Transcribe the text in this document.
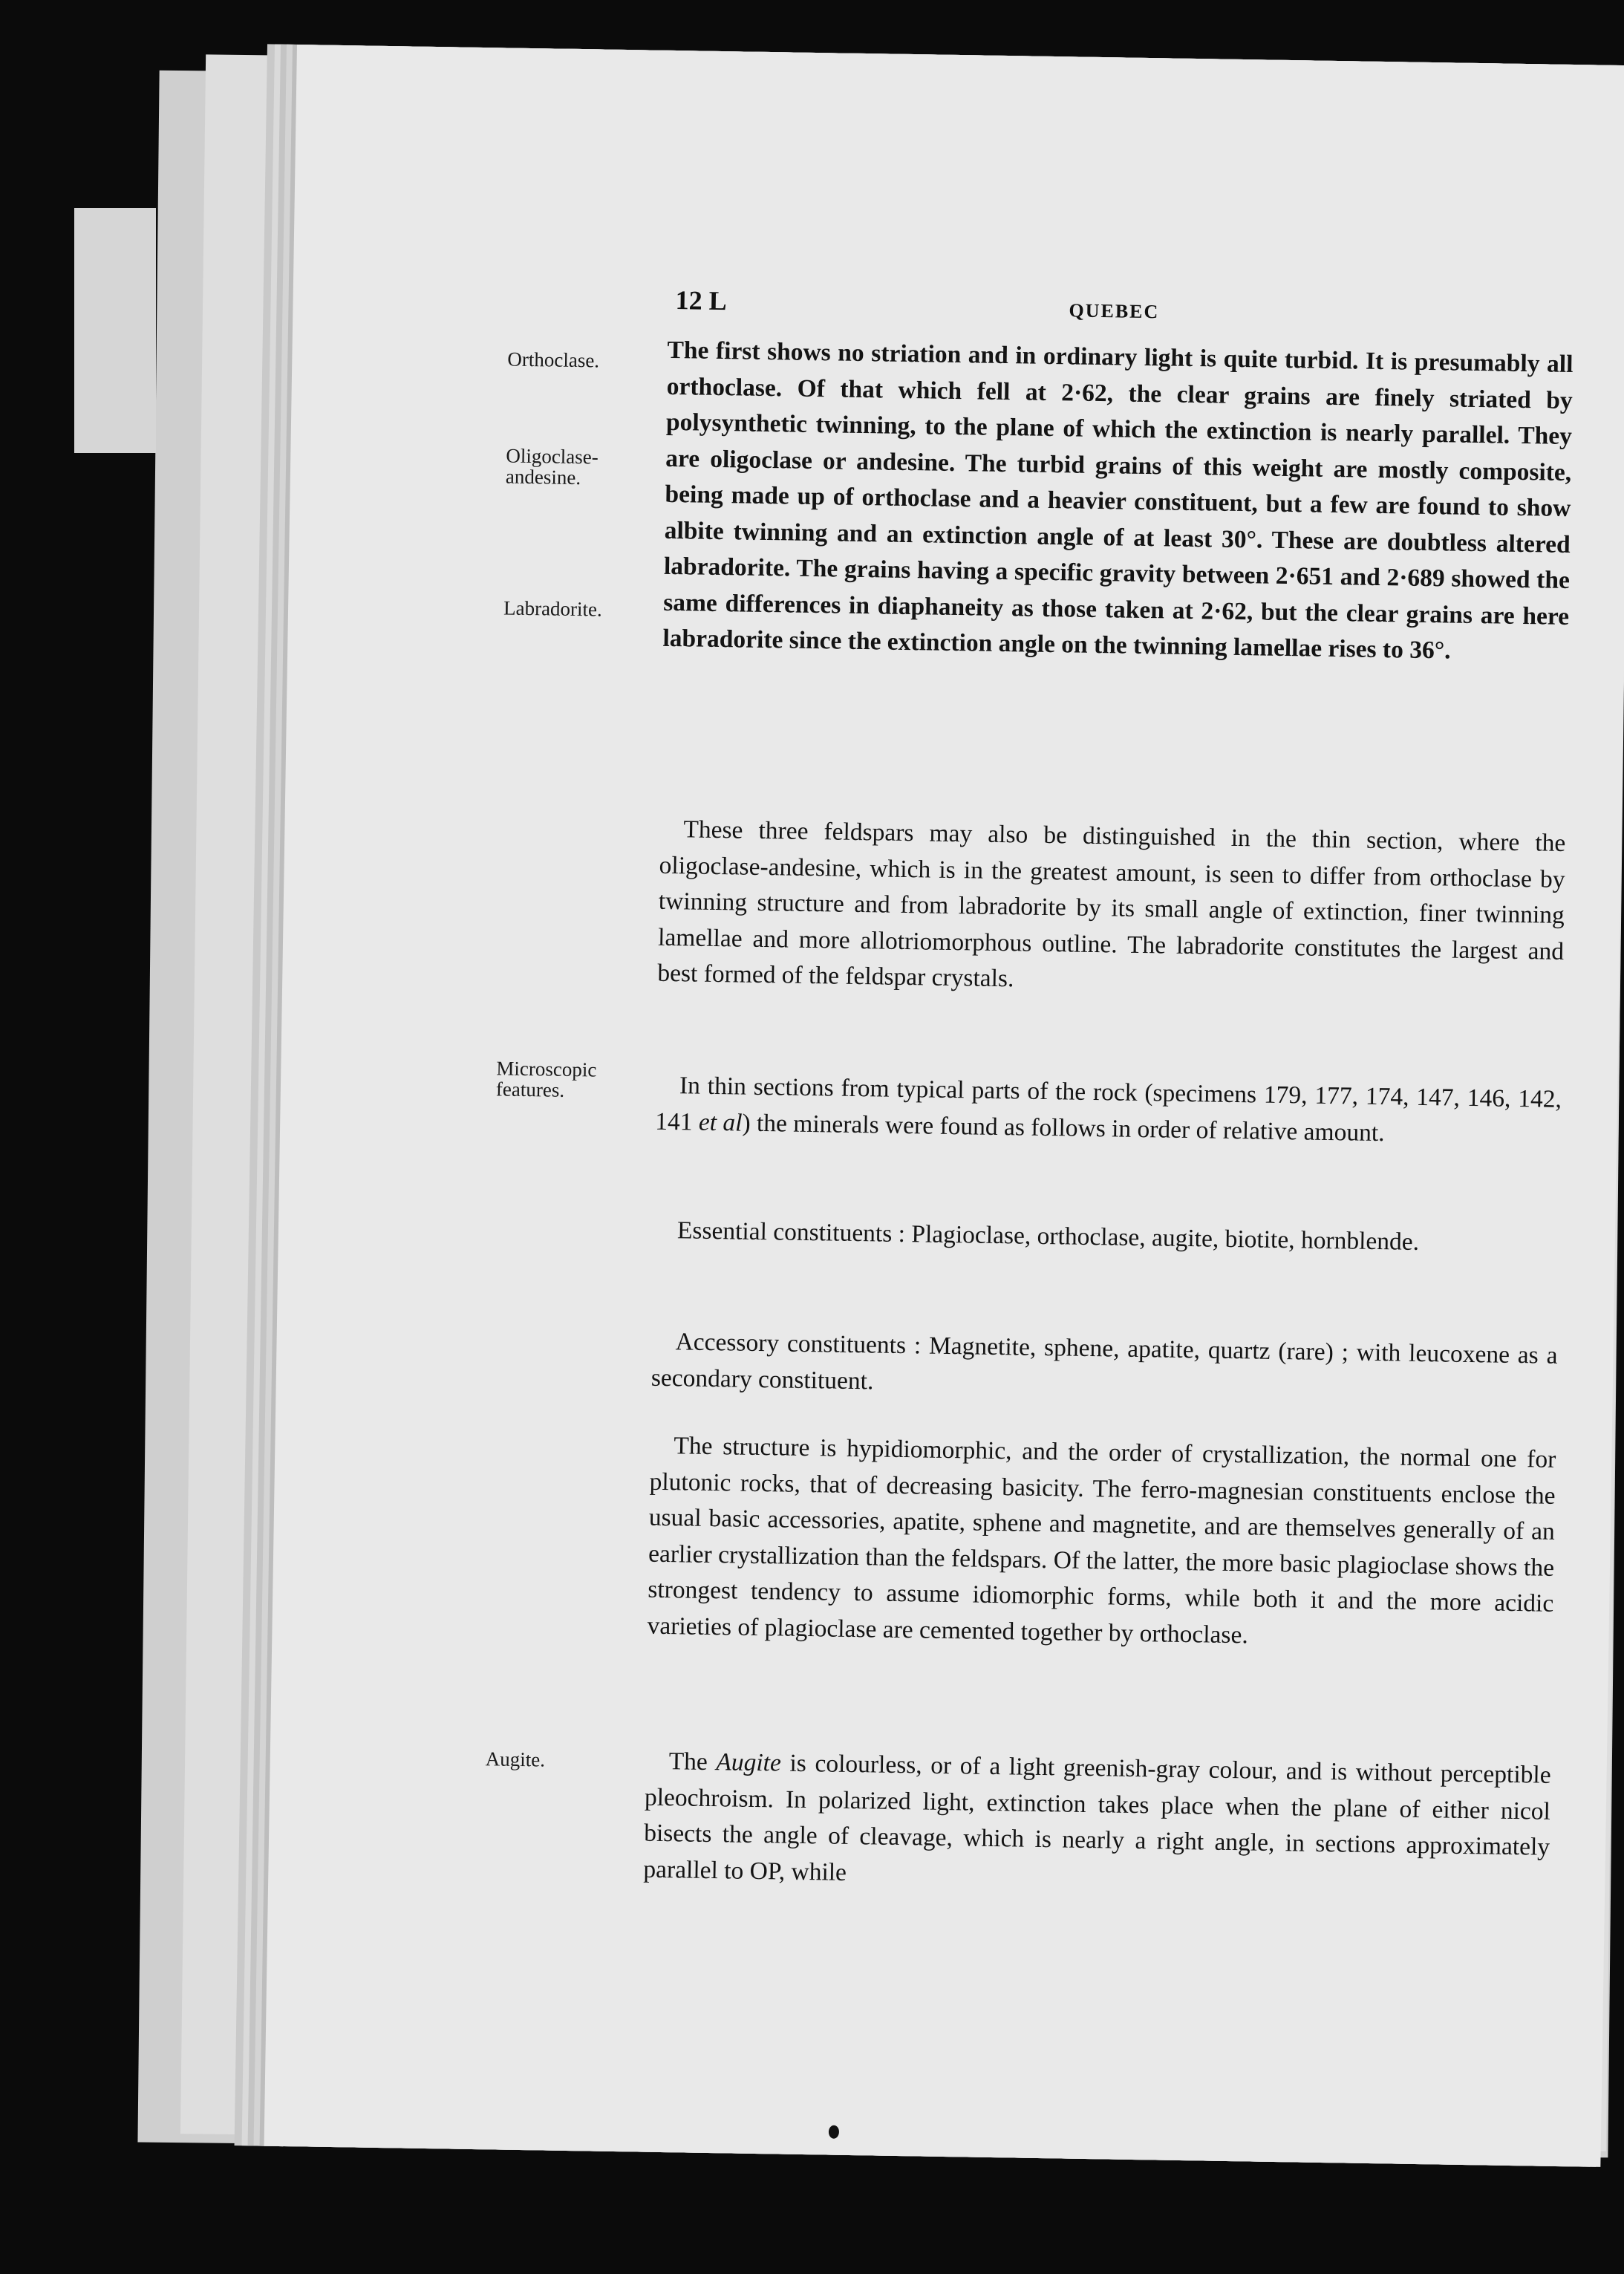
12 L	QUEBEC
Orthoclase.
Oligoclase-andesine.
Labradorite.
Microscopic features.
Augite.

The first shows no striation and in ordinary light is quite turbid. It is presumably all orthoclase. Of that which fell at 2·62, the clear grains are finely striated by polysynthetic twinning, to the plane of which the extinction is nearly parallel. They are oligoclase or andesine. The turbid grains of this weight are mostly composite, being made up of orthoclase and a heavier constituent, but a few are found to show albite twinning and an extinction angle of at least 30°. These are doubtless altered labradorite. The grains having a specific gravity between 2·651 and 2·689 showed the same differences in diaphaneity as those taken at 2·62, but the clear grains are here labradorite since the extinction angle on the twinning lamellae rises to 36°.

These three feldspars may also be distinguished in the thin section, where the oligoclase-andesine, which is in the greatest amount, is seen to differ from orthoclase by twinning structure and from labradorite by its small angle of extinction, finer twinning lamellae and more allotriomorphous outline. The labradorite constitutes the largest and best formed of the feldspar crystals.

In thin sections from typical parts of the rock (specimens 179, 177, 174, 147, 146, 142, 141 et al) the minerals were found as follows in order of relative amount.

Essential constituents : Plagioclase, orthoclase, augite, biotite, hornblende.

Accessory constituents : Magnetite, sphene, apatite, quartz (rare) ; with leucoxene as a secondary constituent.

The structure is hypidiomorphic, and the order of crystallization, the normal one for plutonic rocks, that of decreasing basicity. The ferro-magnesian constituents enclose the usual basic accessories, apatite, sphene and magnetite, and are themselves generally of an earlier crystallization than the feldspars. Of the latter, the more basic plagioclase shows the strongest tendency to assume idiomorphic forms, while both it and the more acidic varieties of plagioclase are cemented together by orthoclase.

The Augite is colourless, or of a light greenish-gray colour, and is without perceptible pleochroism. In polarized light, extinction takes place when the plane of either nicol bisects the angle of cleavage, which is nearly a right angle, in sections approximately parallel to OP, while
